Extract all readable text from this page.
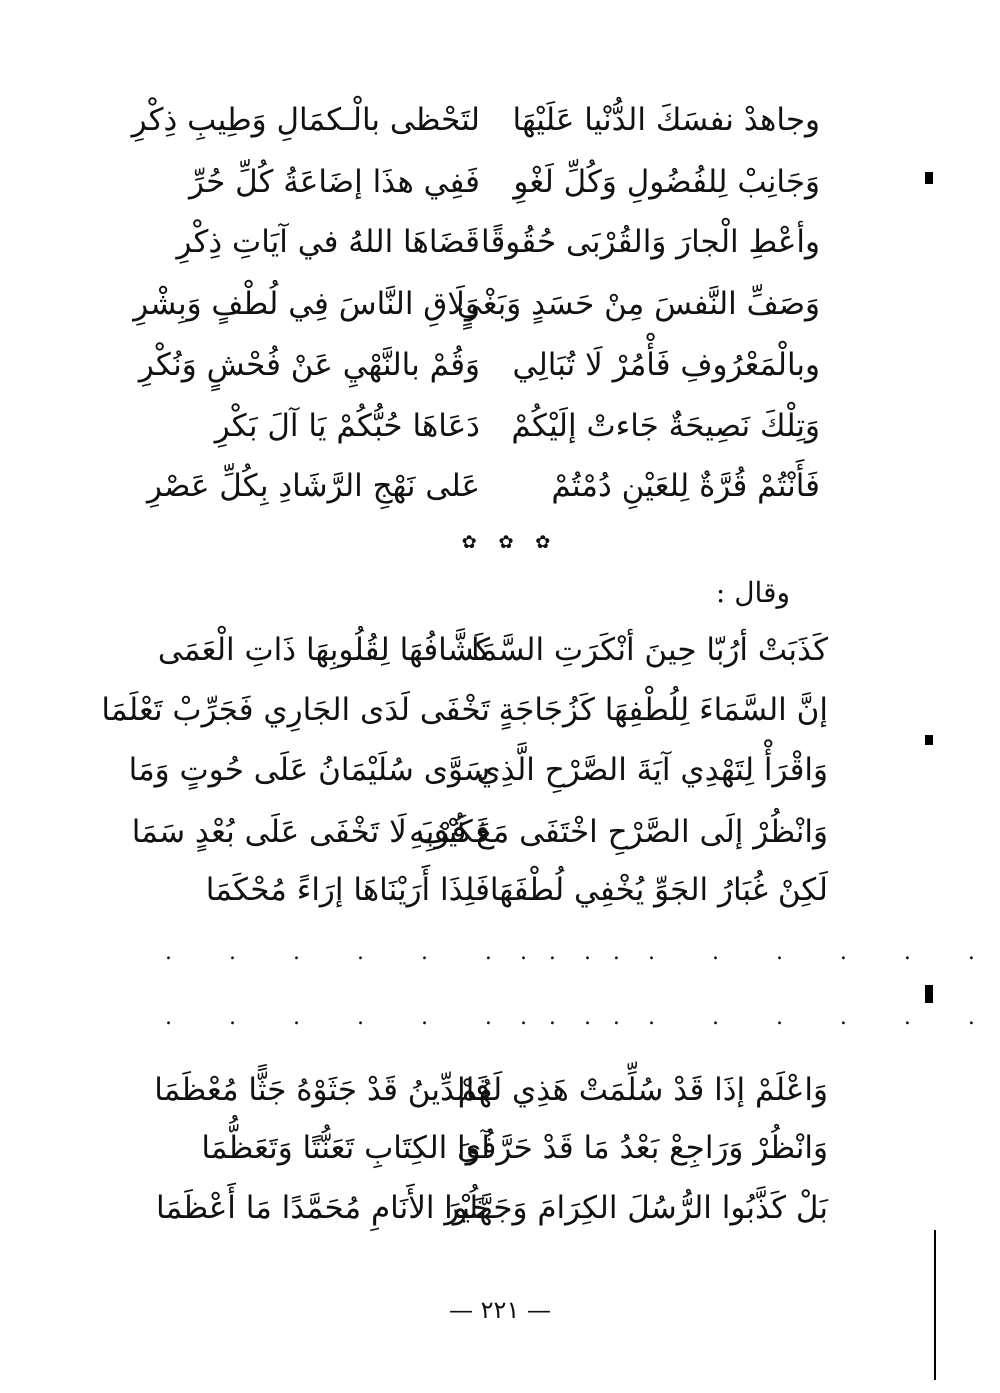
وجاهدْ نفسَكَ الدُّنْيا عَلَيْهَا
لتَحْظى بالْـكمَالِ وَطِيبِ ذِكْرِ
وَجَانِبْ لِلفُضُولِ وَكُلِّ لَغْوِ
فَفِي هذَا إضَاعَةُ كُلِّ حُرِّ
وأعْطِ الْجارَ وَالقُرْبَى حُقُوقًا
قَضَاهَا اللهُ في آيَاتِ ذِكْرِ
وَصَفِّ النَّفسَ مِنْ حَسَدٍ وَبَغْيٍ
وَلَاقِ النَّاسَ فِي لُطْفٍ وَبِشْرِ
وبالْمَعْرُوفِ فَأْمُرْ لَا تُبَالِي
وَقُمْ بالنَّهْيِ عَنْ فُحْشٍ وَنُكْرِ
وَتِلْكَ نَصِيحَةٌ جَاءتْ إلَيْكُمْ
دَعَاهَا حُبُّكُمْ يَا آلَ بَكْرِ
فَأَنْتُمْ قُرَّةٌ لِلعَيْنِ دُمْتُمْ
عَلى نَهْجِ الرَّشَادِ بِكُلِّ عَصْرِ
✿ ✿ ✿
وقال :
كَذَبَتْ أرُبّا حِينَ أنْكَرَتِ السَّمَا
كَشَّافُهَا لِقُلُوبِهَا ذَاتِ الْعَمَى
إنَّ السَّمَاءَ لِلُطْفِهَا كَزُجَاجَةٍ
تَخْفَى لَدَى الجَارِي فَجَرِّبْ تَعْلَمَا
وَاقْرَأْ لِتَهْدِي آيَةَ الصَّرْحِ الَّذِي
سَوَّى سُلَيْمَانُ عَلَى حُوتٍ وَمَا
وَانْظُرْ إلَى الصَّرْحِ اخْتَفَى مَعَ قُرْبِهِ
فَكَيْفَ لَا تَخْفَى عَلَى بُعْدٍ سَمَا
لَكِنْ غُبَارُ الجَوِّ يُخْفِي لُطْفَهَا
فَلِذَا أَرَيْنَاهَا إرَاءً مُحْكَمَا
. . . . . . . .
. . . . . . . .
. . . . . . . .
. . . . . . . .
وَاعْلَمْ إذَا قَدْ سُلِّمَتْ هَذِي لَهُمْ
فَالدِّينُ قَدْ جَثَوْهُ جَثًّا مُعْظَمَا
وَانْظُرْ وَرَاجِعْ بَعْدُ مَا قَدْ حَرَّفُوا
آيَ الكِتَابِ تَعَنُّتًا وَتَعَظُّمَا
بَلْ كَذَّبُوا الرُّسُلَ الكِرَامَ وَجَهَّلُوا
خَيْرَ الأَنَامِ مُحَمَّدًا مَا أَعْظَمَا
— ٢٢١ —
